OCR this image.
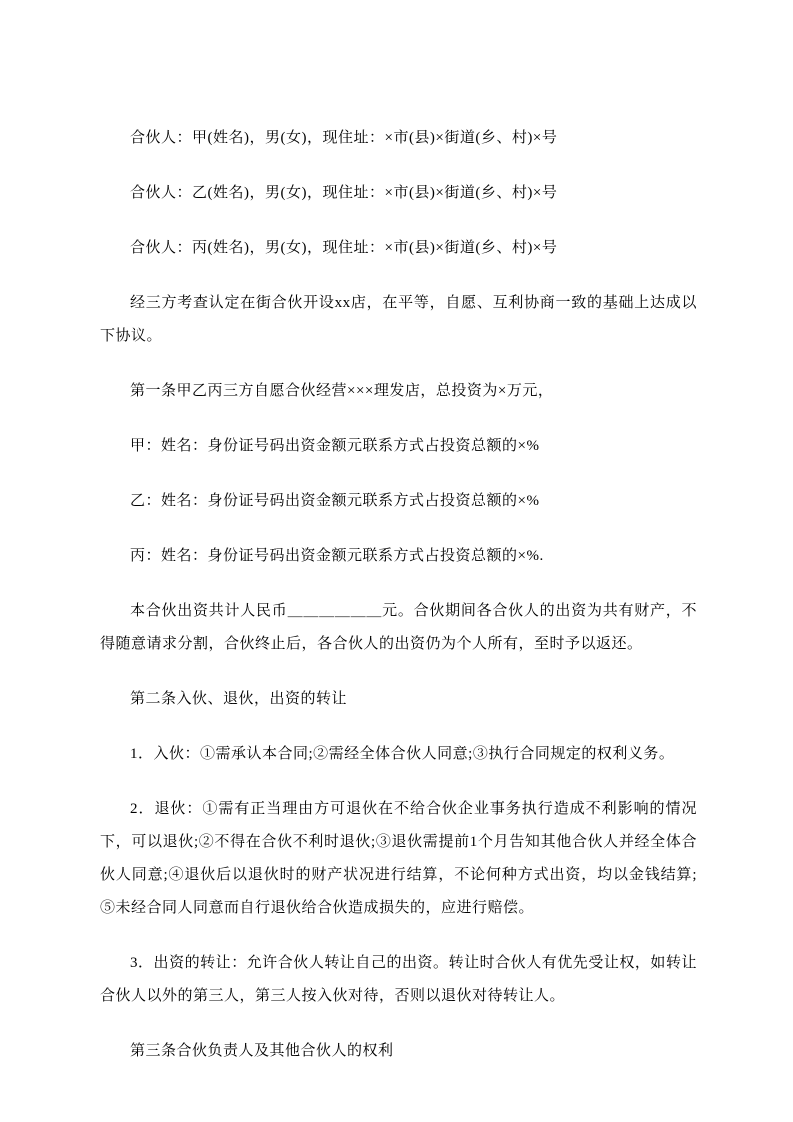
合伙人：甲(姓名)，男(女)，现住址：×市(县)×街道(乡、村)×号

合伙人：乙(姓名)，男(女)，现住址：×市(县)×街道(乡、村)×号

合伙人：丙(姓名)，男(女)，现住址：×市(县)×街道(乡、村)×号

经三方考查认定在街合伙开设xx店，在平等，自愿、互利协商一致的基础上达成以下协议。

第一条甲乙丙三方自愿合伙经营×××理发店，总投资为×万元，

甲：姓名：身份证号码出资金额元联系方式占投资总额的×%

乙：姓名：身份证号码出资金额元联系方式占投资总额的×%

丙：姓名：身份证号码出资金额元联系方式占投资总额的×%.

本合伙出资共计人民币＿＿＿＿＿＿元。合伙期间各合伙人的出资为共有财产，不得随意请求分割，合伙终止后，各合伙人的出资仍为个人所有，至时予以返还。

第二条入伙、退伙，出资的转让

1．入伙：①需承认本合同;②需经全体合伙人同意;③执行合同规定的权利义务。

2．退伙：①需有正当理由方可退伙在不给合伙企业事务执行造成不利影响的情况下，可以退伙;②不得在合伙不利时退伙;③退伙需提前1个月告知其他合伙人并经全体合伙人同意;④退伙后以退伙时的财产状况进行结算，不论何种方式出资，均以金钱结算;⑤未经合同人同意而自行退伙给合伙造成损失的，应进行赔偿。

3．出资的转让：允许合伙人转让自己的出资。转让时合伙人有优先受让权，如转让合伙人以外的第三人，第三人按入伙对待，否则以退伙对待转让人。

第三条合伙负责人及其他合伙人的权利
